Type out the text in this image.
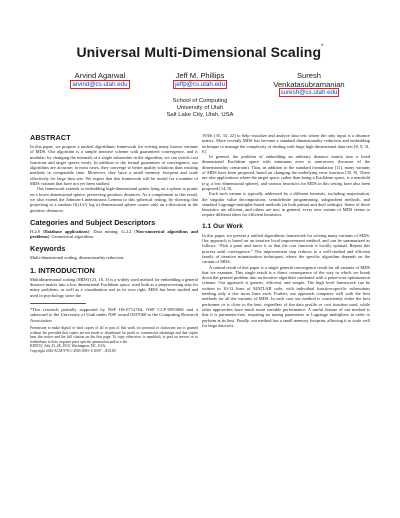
Universal Multi-Dimensional Scaling*
Arvind Agarwal
arvind@cs.utah.edu
Jeff M. Phillips
jeffp@cs.utah.edu
Suresh
Venkatasubramanian
suresh@cs.utah.edu
School of Computing
University of Utah
Salt Lake City, Utah, USA
ABSTRACT

In this paper, we propose a unified algorithmic framework for solving many known variants of MDS. Our algorithm is a simple iterative scheme with guaranteed convergence, and is modular; by changing the internals of a single subroutine in the algorithm, we can switch cost functions and target spaces easily. In addition to the formal guarantees of convergence, our algorithms are accurate; in most cases, they converge to better quality solutions than existing methods in comparable time. Moreover, they have a small memory footprint and scale effectively for large data sets. We expect that this framework will be useful for a number of MDS variants that have not yet been studied.

Our framework extends to embedding high-dimensional points lying on a sphere to points on a lower dimensional sphere, preserving geodesic distances. As a complement to this result, we also extend the Johnson-Lindenstrauss Lemma to this spherical setting, by showing that projecting to a random O((1/ε²) log n)-dimensional sphere causes only an ε-distortion in the geodesic distances.

Categories and Subject Descriptors

H.2.8 [Database applications]: Data mining; G.2.2 [Non-numerical algorithms and problems]: Geometrical algorithms

Keywords

Multi-dimensional scaling, dimensionality reduction.

1. INTRODUCTION

Multidimensional scaling (MDS) [23, 10, 3] is a widely used method for embedding a general distance matrix into a low dimensional Euclidean space, used both as a preprocessing step for many problems, as well as a visualization tool in its own right. MDS has been studied and used in psychology since the

*This research partially supported by NSF IIS-0712764, NSF CCF-0953066 and a subaward to the University of Utah under NSF award 0937060 to the Computing Research Association
Permission to make digital or hard copies of all or part of this work for personal or classroom use is granted without fee provided that copies are not made or distributed for profit or commercial advantage and that copies bear this notice and the full citation on the first page. To copy otherwise, to republish, to post on servers or to redistribute to lists, requires prior specific permission and/or a fee.
KDD'10, July 25–28, 2010, Washington, DC, USA.
Copyright 2010 ACM 978-1-4503-0055-1/10/07 ...$10.00.

1930s [35, 33, 22] to help visualize and analyze data sets where the only input is a distance matrix. More recently MDS has become a standard dimensionality reduction and embedding technique to manage the complexity of dealing with large high dimensional data sets [8, 9, 31, 6].

In general, the problem of embedding an arbitrary distance matrix into a fixed dimensional Euclidean space with minimum error is nonconvex (because of the dimensionality constraint). Thus, in addition to the standard formulation [11], many variants of MDS have been proposed, based on changing the underlying error function [35, 8]. There are also applications where the target space, rather than being a Euclidean space, is a manifold (e.g. a low dimensional sphere), and various heuristics for MDS in this setting have also been proposed [14, 8].

Each such variant is typically addressed by a different heuristic, including majorization, the singular value decomposition, semidefinite programming, subgradient methods, and standard Lagrange-multipler-based methods (in both primal and dual settings). Some of these heuristics are efficient, and others are not; in general, every new variant of MDS seems to require different ideas for efficient heuristics.

1.1 Our Work

In this paper, we present a unified algorithmic framework for solving many variants of MDS. Our approach is based on an iterative local improvement method, and can be summarized as follows: “Pick a point and move it so that the cost function is locally optimal. Repeat this process until convergence.” The improvement step reduces to a well-studied and efficient family of iterative minimization techniques, where the specific algorithm depends on the variant of MDS.

A central result of this paper is a single general convergence result for all variants of MDS that we examine. This single result is a direct consequence of the way in which we break down the general problem into an iterative algorithm combined with a point-wise optimization scheme. Our approach is generic, efficient, and simple. The high level framework can be written in 10-12 lines of MATLAB code, with individual function-specific subroutines needing only a few more lines each. Further, our approach compares well with the best methods for all the variants of MDS. In each case our method is consistently either the best performer or is close to the best, regardless of the data profile or cost function used, while other approaches have much more variable performance. A useful feature of our method is that it is parameter-free, requiring no tuning parameters or Lagrange multipliers in order to perform at its best. Finally, our method has a small memory footprint, allowing it to scale well for large data sets.
